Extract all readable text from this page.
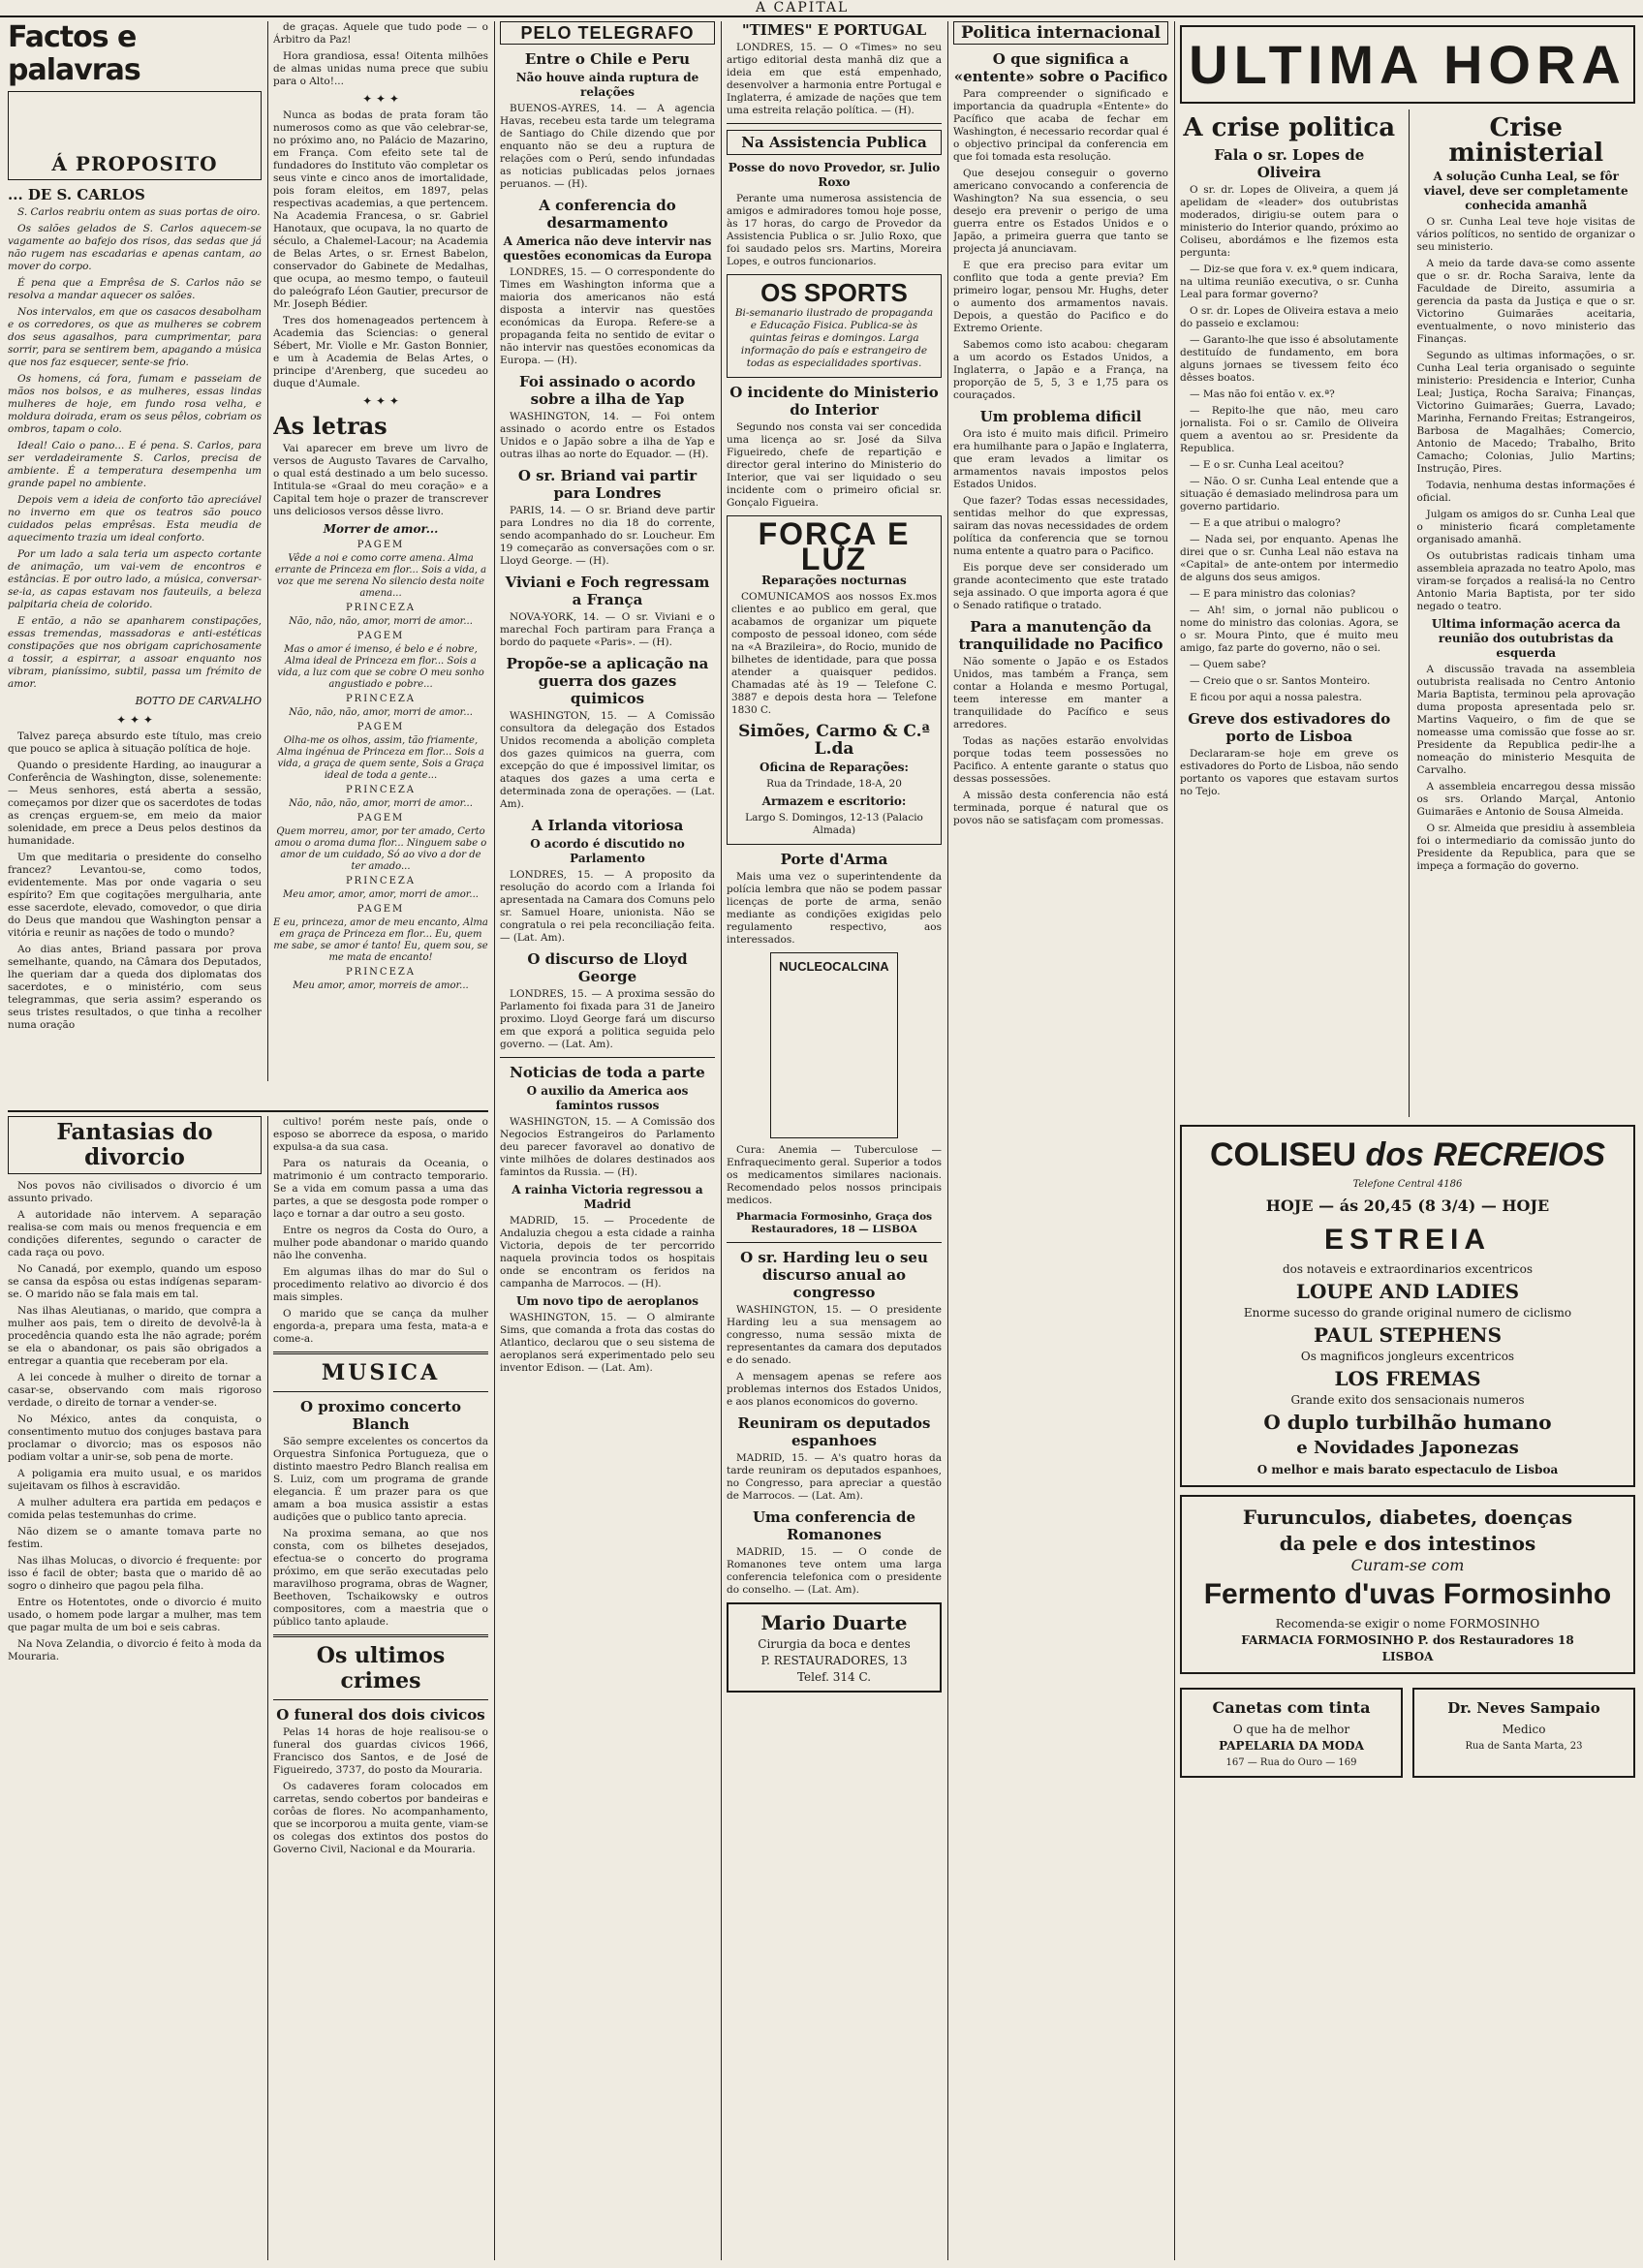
A CAPITAL
Factos e palavras
Á PROPOSITO
... DE S. CARLOS

S. Carlos reabriu ontem as suas portas de oiro.

Os salões gelados de S. Carlos aquecem-se vagamente ao bafejo dos risos, das sedas que já não rugem nas escadarias e apenas cantam, ao mover do corpo.

É pena que a Emprêsa de S. Carlos não se resolva a mandar aquecer os salões.

Nos intervalos, em que os casacos desabolham e os corredores, os que as mulheres se cobrem dos seus agasalhos, para cumprimentar, para sorrir, para se sentirem bem, apagando a música que nos faz esquecer, sente-se frio.

Os homens, cá fora, fumam e passeiam de mãos nos bolsos, e as mulheres, essas lindas mulheres de hoje, em fundo rosa velha, e moldura doirada, eram os seus pêlos, cobriam os ombros, tapam o colo.

Ideal! Caio o pano... E é pena. S. Carlos, para ser verdadeiramente S. Carlos, precisa de ambiente. É a temperatura desempenha um grande papel no ambiente.

Depois vem a ideia de conforto tão apreciável no inverno em que os teatros são pouco cuidados pelas emprêsas. Esta meudia de aquecimento trazia um ideal conforto.

Por um lado a sala teria um aspecto cortante de animação, um vai-vem de encontros e estâncias. E por outro lado, a música, conversar-se-ia, as capas estavam nos fauteuils, a beleza palpitaria cheia de colorido.

E então, a não se apanharem constipações, essas tremendas, massadoras e anti-estéticas constipações que nos obrigam caprichosamente a tossir, a espirrar, a assoar enquanto nos vibram, pianíssimo, subtil, passa um frémito de amor.

BOTTO DE CARVALHO
✦ ✦ ✦

Talvez pareça absurdo este título, mas creio que pouco se aplica à situação política de hoje.

Quando o presidente Harding, ao inaugurar a Conferência de Washington, disse, solenemente: — Meus senhores, está aberta a sessão, começamos por dizer que os sacerdotes de todas as crenças erguem-se, em meio da maior solenidade, em prece a Deus pelos destinos da humanidade.

Um que meditaria o presidente do conselho francez? Levantou-se, como todos, evidentemente. Mas por onde vagaria o seu espírito? Em que cogitações mergulharia, ante esse sacerdote, elevado, comovedor, o que diria do Deus que mandou que Washington pensar a vitória e reunir as nações de todo o mundo?

Ao dias antes, Briand passara por prova semelhante, quando, na Câmara dos Deputados, lhe queriam dar a queda dos diplomatas dos sacerdotes, e o ministério, com seus telegrammas, que seria assim? esperando os seus tristes resultados, o que tinha a recolher numa oração

de graças. Aquele que tudo pode — o Árbitro da Paz!

Hora grandiosa, essa! Oitenta milhões de almas unidas numa prece que subiu para o Alto!...

✦ ✦ ✦

Nunca as bodas de prata foram tão numerosos como as que vão celebrar-se, no próximo ano, no Palácio de Mazarino, em França. Com efeito sete tal de fundadores do Instituto vão completar os seus vinte e cinco anos de imortalidade, pois foram eleitos, em 1897, pelas respectivas academias, a que pertencem. Na Academia Francesa, o sr. Gabriel Hanotaux, que ocupava, la no quarto de século, a Chalemel-Lacour; na Academia de Belas Artes, o sr. Ernest Babelon, conservador do Gabinete de Medalhas, que ocupa, ao mesmo tempo, o fauteuil do paleógrafo Léon Gautier, precursor de Mr. Joseph Bédier.

Tres dos homenageados pertencem à Academia das Sciencias: o general Sébert, Mr. Violle e Mr. Gaston Bonnier, e um à Academia de Belas Artes, o principe d'Arenberg, que sucedeu ao duque d'Aumale.

✦ ✦ ✦
As letras

Vai aparecer em breve um livro de versos de Augusto Tavares de Carvalho, o qual está destinado a um belo sucesso. Intitula-se «Graal do meu coração» e a Capital tem hoje o prazer de transcrever uns deliciosos versos dêsse livro.

Morrer de amor...
PAGEM

Vêde a noi e como corre amena. Alma errante de Princeza em flor... Sois a vida, a voz que me serena No silencio desta noite amena...

PRINCEZA

Não, não, não, amor, morri de amor...

PAGEM

Mas o amor é imenso, é belo e é nobre, Alma ideal de Princeza em flor... Sois a vida, a luz com que se cobre O meu sonho angustiado e pobre...

PRINCEZA

Não, não, não, amor, morri de amor...

PAGEM

Olha-me os olhos, assim, tão friamente, Alma ingénua de Princeza em flor... Sois a vida, a graça de quem sente, Sois a Graça ideal de toda a gente...

PRINCEZA

Não, não, não, amor, morri de amor...

PAGEM

Quem morreu, amor, por ter amado, Certo amou o aroma duma flor... Ninguem sabe o amor de um cuidado, Só ao vivo a dor de ter amado...

PRINCEZA

Meu amor, amor, amor, morri de amor...

PAGEM

E eu, princeza, amor de meu encanto, Alma em graça de Princeza em flor... Eu, quem me sabe, se amor é tanto! Eu, quem sou, se me mata de encanto!

PRINCEZA

Meu amor, amor, morreis de amor...

Fantasias do divorcio

Nos povos não civilisados o divorcio é um assunto privado.

A autoridade não intervem. A separação realisa-se com mais ou menos frequencia e em condições diferentes, segundo o caracter de cada raça ou povo.

No Canadá, por exemplo, quando um esposo se cansa da espôsa ou estas indígenas separam-se. O marido não se fala mais em tal.

Nas ilhas Aleutianas, o marido, que compra a mulher aos pais, tem o direito de devolvê-la à procedência quando esta lhe não agrade; porém se ela o abandonar, os pais são obrigados a entregar a quantia que receberam por ela.

A lei concede à mulher o direito de tornar a casar-se, observando com mais rigoroso verdade, o direito de tornar a vender-se.

No México, antes da conquista, o consentimento mutuo dos conjuges bastava para proclamar o divorcio; mas os esposos não podiam voltar a unir-se, sob pena de morte.

A poligamia era muito usual, e os maridos sujeitavam os filhos à escravidão.

A mulher adultera era partida em pedaços e comida pelas testemunhas do crime.

Não dizem se o amante tomava parte no festim.

Nas ilhas Molucas, o divorcio é frequente: por isso é facil de obter; basta que o marido dê ao sogro o dinheiro que pagou pela filha.

Entre os Hotentotes, onde o divorcio é muito usado, o homem pode largar a mulher, mas tem que pagar multa de um boi e seis cabras.

Na Nova Zelandia, o divorcio é feito à moda da Mouraria.

cultivo! porém neste país, onde o esposo se aborrece da esposa, o marido expulsa-a da sua casa.

Para os naturais da Oceania, o matrimonio é um contracto temporario. Se a vida em comum passa a uma das partes, a que se desgosta pode romper o laço e tornar a dar outro a seu gosto.

Entre os negros da Costa do Ouro, a mulher pode abandonar o marido quando não lhe convenha.

Em algumas ilhas do mar do Sul o procedimento relativo ao divorcio é dos mais simples.

O marido que se cança da mulher engorda-a, prepara uma festa, mata-a e come-a.

MUSICA
O proximo concerto Blanch

São sempre excelentes os concertos da Orquestra Sinfonica Portugueza, que o distinto maestro Pedro Blanch realisa em S. Luiz, com um programa de grande elegancia. É um prazer para os que amam a boa musica assistir a estas audições que o publico tanto aprecia.

Na proxima semana, ao que nos consta, com os bilhetes desejados, efectua-se o concerto do programa próximo, em que serão executadas pelo maravilhoso programa, obras de Wagner, Beethoven, Tschaikowsky e outros compositores, com a maestria que o público tanto aplaude.

Os ultimos crimes
O funeral dos dois civicos

Pelas 14 horas de hoje realisou-se o funeral dos guardas civicos 1966, Francisco dos Santos, e de José de Figueiredo, 3737, do posto da Mouraria.

Os cadaveres foram colocados em carretas, sendo cobertos por bandeiras e corôas de flores. No acompanhamento, que se incorporou a muita gente, viam-se os colegas dos extintos dos postos do Governo Civil, Nacional e da Mouraria.

PELO TELEGRAFO
Entre o Chile e Peru
Não houve ainda ruptura de relações

BUENOS-AYRES, 14. — A agencia Havas, recebeu esta tarde um telegrama de Santiago do Chile dizendo que por enquanto não se deu a ruptura de relações com o Perú, sendo infundadas as noticias publicadas pelos jornaes peruanos. — (H).

A conferencia do desarmamento
A America não deve intervir nas questões economicas da Europa

LONDRES, 15. — O correspondente do Times em Washington informa que a maioria dos americanos não está disposta a intervir nas questões económicas da Europa. Refere-se a propaganda feita no sentido de evitar o não intervir nas questões economicas da Europa. — (H).

Foi assinado o acordo sobre a ilha de Yap

WASHINGTON, 14. — Foi ontem assinado o acordo entre os Estados Unidos e o Japão sobre a ilha de Yap e outras ilhas ao norte do Equador. — (H).

O sr. Briand vai partir para Londres

PARIS, 14. — O sr. Briand deve partir para Londres no dia 18 do corrente, sendo acompanhado do sr. Loucheur. Em 19 começarão as conversações com o sr. Lloyd George. — (H).

Viviani e Foch regressam a França

NOVA-YORK, 14. — O sr. Viviani e o marechal Foch partiram para França a bordo do paquete «Paris». — (H).

Propõe-se a aplicação na guerra dos gazes quimicos

WASHINGTON, 15. — A Comissão consultora da delegação dos Estados Unidos recomenda a abolição completa dos gazes quimicos na guerra, com excepção do que é impossivel limitar, os ataques dos gazes a uma certa e determinada zona de operações. — (Lat. Am).

A Irlanda vitoriosa
O acordo é discutido no Parlamento

LONDRES, 15. — A proposito da resolução do acordo com a Irlanda foi apresentada na Camara dos Comuns pelo sr. Samuel Hoare, unionista. Não se congratula o rei pela reconciliação feita. — (Lat. Am).

O discurso de Lloyd George

LONDRES, 15. — A proxima sessão do Parlamento foi fixada para 31 de Janeiro proximo. Lloyd George fará um discurso em que exporá a politica seguida pelo governo. — (Lat. Am).

Noticias de toda a parte
O auxilio da America aos famintos russos

WASHINGTON, 15. — A Comissão dos Negocios Estrangeiros do Parlamento deu parecer favoravel ao donativo de vinte milhões de dolares destinados aos famintos da Russia. — (H).

A rainha Victoria regressou a Madrid

MADRID, 15. — Procedente de Andaluzia chegou a esta cidade a rainha Victoria, depois de ter percorrido naquela provincia todos os hospitais onde se encontram os feridos na campanha de Marrocos. — (H).

Um novo tipo de aeroplanos

WASHINGTON, 15. — O almirante Sims, que comanda a frota das costas do Atlantico, declarou que o seu sistema de aeroplanos será experimentado pelo seu inventor Edison. — (Lat. Am).

"TIMES" E PORTUGAL

LONDRES, 15. — O «Times» no seu artigo editorial desta manhã diz que a ideia em que está empenhado, desenvolver a harmonia entre Portugal e Inglaterra, é amizade de nações que tem uma estreita relação política. — (H).

Na Assistencia Publica
Posse do novo Provedor, sr. Julio Roxo

Perante uma numerosa assistencia de amigos e admiradores tomou hoje posse, às 17 horas, do cargo de Provedor da Assistencia Publica o sr. Julio Roxo, que foi saudado pelos srs. Martins, Moreira Lopes, e outros funcionarios.

OS SPORTS

Bi-semanario ilustrado de propaganda e Educação Fisica. Publica-se às quintas feiras e domingos. Larga informação do país e estrangeiro de todas as especialidades sportivas.

O incidente do Ministerio do Interior

Segundo nos consta vai ser concedida uma licença ao sr. José da Silva Figueiredo, chefe de repartição e director geral interino do Ministerio do Interior, que vai ser liquidado o seu incidente com o primeiro oficial sr. Gonçalo Figueira.

FORÇA E LUZ
Reparações nocturnas

COMUNICAMOS aos nossos Ex.mos clientes e ao publico em geral, que acabamos de organizar um piquete composto de pessoal idoneo, com séde na «A Brazileira», do Rocio, munido de bilhetes de identidade, para que possa atender a quaisquer pedidos. Chamadas até às 19 — Telefone C. 3887 e depois desta hora — Telefone 1830 C.

Simões, Carmo & C.ª L.da
Oficina de Reparações:

Rua da Trindade, 18-A, 20

Armazem e escritorio:

Largo S. Domingos, 12-13 (Palacio Almada)

Porte d'Arma

Mais uma vez o superintendente da polícia lembra que não se podem passar licenças de porte de arma, senão mediante as condições exigidas pelo regulamento respectivo, aos interessados.

NUCLEOCALCINA

Cura: Anemia — Tuberculose — Enfraquecimento geral. Superior a todos os medicamentos similares nacionais. Recomendado pelos nossos principais medicos.

Pharmacia Formosinho, Graça dos Restauradores, 18 — LISBOA

O sr. Harding leu o seu discurso anual ao congresso

WASHINGTON, 15. — O presidente Harding leu a sua mensagem ao congresso, numa sessão mixta de representantes da camara dos deputados e do senado.

A mensagem apenas se refere aos problemas internos dos Estados Unidos, e aos planos economicos do governo.

Reuniram os deputados espanhoes

MADRID, 15. — A's quatro horas da tarde reuniram os deputados espanhoes, no Congresso, para apreciar a questão de Marrocos. — (Lat. Am).

Uma conferencia de Romanones

MADRID, 15. — O conde de Romanones teve ontem uma larga conferencia telefonica com o presidente do conselho. — (Lat. Am).

Mario Duarte
Cirurgia da boca e dentes
P. RESTAURADORES, 13
Telef. 314 C.
Politica internacional
O que significa a «entente» sobre o Pacifico

Para compreender o significado e importancia da quadrupla «Entente» do Pacífico que acaba de fechar em Washington, é necessario recordar qual é o objectivo principal da conferencia em que foi tomada esta resolução.

Que desejou conseguir o governo americano convocando a conferencia de Washington? Na sua essencia, o seu desejo era prevenir o perigo de uma guerra entre os Estados Unidos e o Japão, a primeira guerra que tanto se projecta já anunciavam.

E que era preciso para evitar um conflito que toda a gente previa? Em primeiro logar, pensou Mr. Hughs, deter o aumento dos armamentos navais. Depois, a questão do Pacifico e do Extremo Oriente.

Sabemos como isto acabou: chegaram a um acordo os Estados Unidos, a Inglaterra, o Japão e a França, na proporção de 5, 5, 3 e 1,75 para os couraçados.

Um problema dificil

Ora isto é muito mais dificil. Primeiro era humilhante para o Japão e Inglaterra, que eram levados a limitar os armamentos navais impostos pelos Estados Unidos.

Que fazer? Todas essas necessidades, sentidas melhor do que expressas, sairam das novas necessidades de ordem política da conferencia que se tornou numa entente a quatro para o Pacifico.

Eis porque deve ser considerado um grande acontecimento que este tratado seja assinado. O que importa agora é que o Senado ratifique o tratado.

Para a manutenção da tranquilidade no Pacifico

Não somente o Japão e os Estados Unidos, mas também a França, sem contar a Holanda e mesmo Portugal, teem interesse em manter a tranquilidade do Pacífico e seus arredores.

Todas as nações estarão envolvidas porque todas teem possessões no Pacifico. A entente garante o status quo dessas possessões.

A missão desta conferencia não está terminada, porque é natural que os povos não se satisfaçam com promessas.

ULTIMA HORA
A crise politica
Fala o sr. Lopes de Oliveira

O sr. dr. Lopes de Oliveira, a quem já apelidam de «leader» dos outubristas moderados, dirigiu-se outem para o ministerio do Interior quando, próximo ao Coliseu, abordámos e lhe fizemos esta pergunta:

— Diz-se que fora v. ex.ª quem indicara, na ultima reunião executiva, o sr. Cunha Leal para formar governo?

O sr. dr. Lopes de Oliveira estava a meio do passeio e exclamou:

— Garanto-lhe que isso é absolutamente destituído de fundamento, em bora alguns jornaes se tivessem feito éco dêsses boatos.

— Mas não foi então v. ex.ª?

— Repito-lhe que não, meu caro jornalista. Foi o sr. Camilo de Oliveira quem a aventou ao sr. Presidente da Republica.

— E o sr. Cunha Leal aceitou?

— Não. O sr. Cunha Leal entende que a situação é demasiado melindrosa para um governo partidario.

— E a que atribui o malogro?

— Nada sei, por enquanto. Apenas lhe direi que o sr. Cunha Leal não estava na «Capital» de ante-ontem por intermedio de alguns dos seus amigos.

— E para ministro das colonias?

— Ah! sim, o jornal não publicou o nome do ministro das colonias. Agora, se o sr. Moura Pinto, que é muito meu amigo, faz parte do governo, não o sei.

— Quem sabe?

— Creio que o sr. Santos Monteiro.

E ficou por aqui a nossa palestra.

Greve dos estivadores do porto de Lisboa

Declararam-se hoje em greve os estivadores do Porto de Lisboa, não sendo portanto os vapores que estavam surtos no Tejo.

Crise ministerial
A solução Cunha Leal, se fôr viavel, deve ser completamente conhecida amanhã

O sr. Cunha Leal teve hoje visitas de vários políticos, no sentido de organizar o seu ministerio.

A meio da tarde dava-se como assente que o sr. dr. Rocha Saraiva, lente da Faculdade de Direito, assumiria a gerencia da pasta da Justiça e que o sr. Victorino Guimarães aceitaria, eventualmente, o novo ministerio das Finanças.

Segundo as ultimas informações, o sr. Cunha Leal teria organisado o seguinte ministerio: Presidencia e Interior, Cunha Leal; Justiça, Rocha Saraiva; Finanças, Victorino Guimarães; Guerra, Lavado; Marinha, Fernando Freitas; Estrangeiros, Barbosa de Magalhães; Comercio, Antonio de Macedo; Trabalho, Brito Camacho; Colonias, Julio Martins; Instrução, Pires.

Todavia, nenhuma destas informações é oficial.

Julgam os amigos do sr. Cunha Leal que o ministerio ficará completamente organisado amanhã.

Os outubristas radicais tinham uma assembleia aprazada no teatro Apolo, mas viram-se forçados a realisá-la no Centro Antonio Maria Baptista, por ter sido negado o teatro.

Ultima informação acerca da reunião dos outubristas da esquerda

A discussão travada na assembleia outubrista realisada no Centro Antonio Maria Baptista, terminou pela aprovação duma proposta apresentada pelo sr. Martins Vaqueiro, o fim de que se nomeasse uma comissão que fosse ao sr. Presidente da Republica pedir-lhe a nomeação do ministerio Mesquita de Carvalho.

A assembleia encarregou dessa missão os srs. Orlando Marçal, Antonio Guimarães e Antonio de Sousa Almeida.

O sr. Almeida que presidiu à assembleia foi o intermediario da comissão junto do Presidente da Republica, para que se impeça a formação do governo.

COLISEU dos RECREIOS
Telefone Central 4186
HOJE — ás 20,45 (8 3/4) — HOJE
ESTREIA
dos notaveis e extraordinarios excentricos
LOUPE AND LADIES
Enorme sucesso do grande original numero de ciclismo
PAUL STEPHENS
Os magnificos jongleurs excentricos
LOS FREMAS
Grande exito dos sensacionais numeros
O duplo turbilhão humano
e Novidades Japonezas
O melhor e mais barato espectaculo de Lisboa
Furunculos, diabetes, doenças
da pele e dos intestinos
Curam-se com
Fermento d'uvas Formosinho
Recomenda-se exigir o nome FORMOSINHO
FARMACIA FORMOSINHO P. dos Restauradores 18
LISBOA
Canetas com tinta
O que ha de melhor
PAPELARIA DA MODA
167 — Rua do Ouro — 169
Dr. Neves Sampaio
Medico
Rua de Santa Marta, 23
